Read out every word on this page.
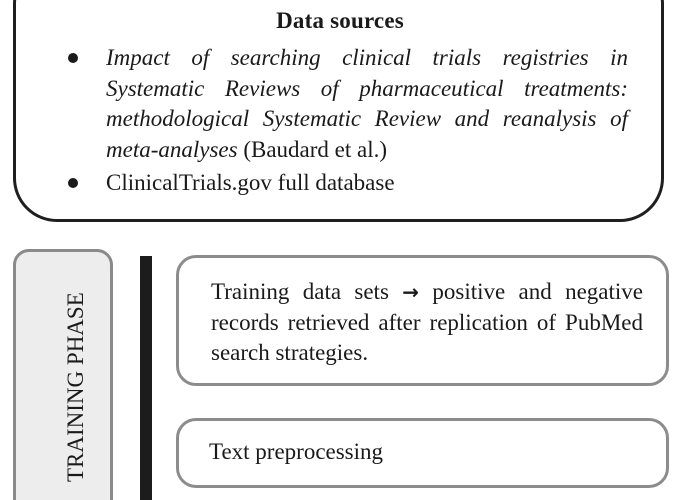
Data sources
Impact of searching clinical trials registries in Systematic Reviews of pharmaceutical treatments: methodological Systematic Review and reanalysis of meta-analyses (Baudard et al.)
ClinicalTrials.gov full database
TRAINING PHASE
Training data sets → positive and negative records retrieved after replication of PubMed search strategies.
Text preprocessing
